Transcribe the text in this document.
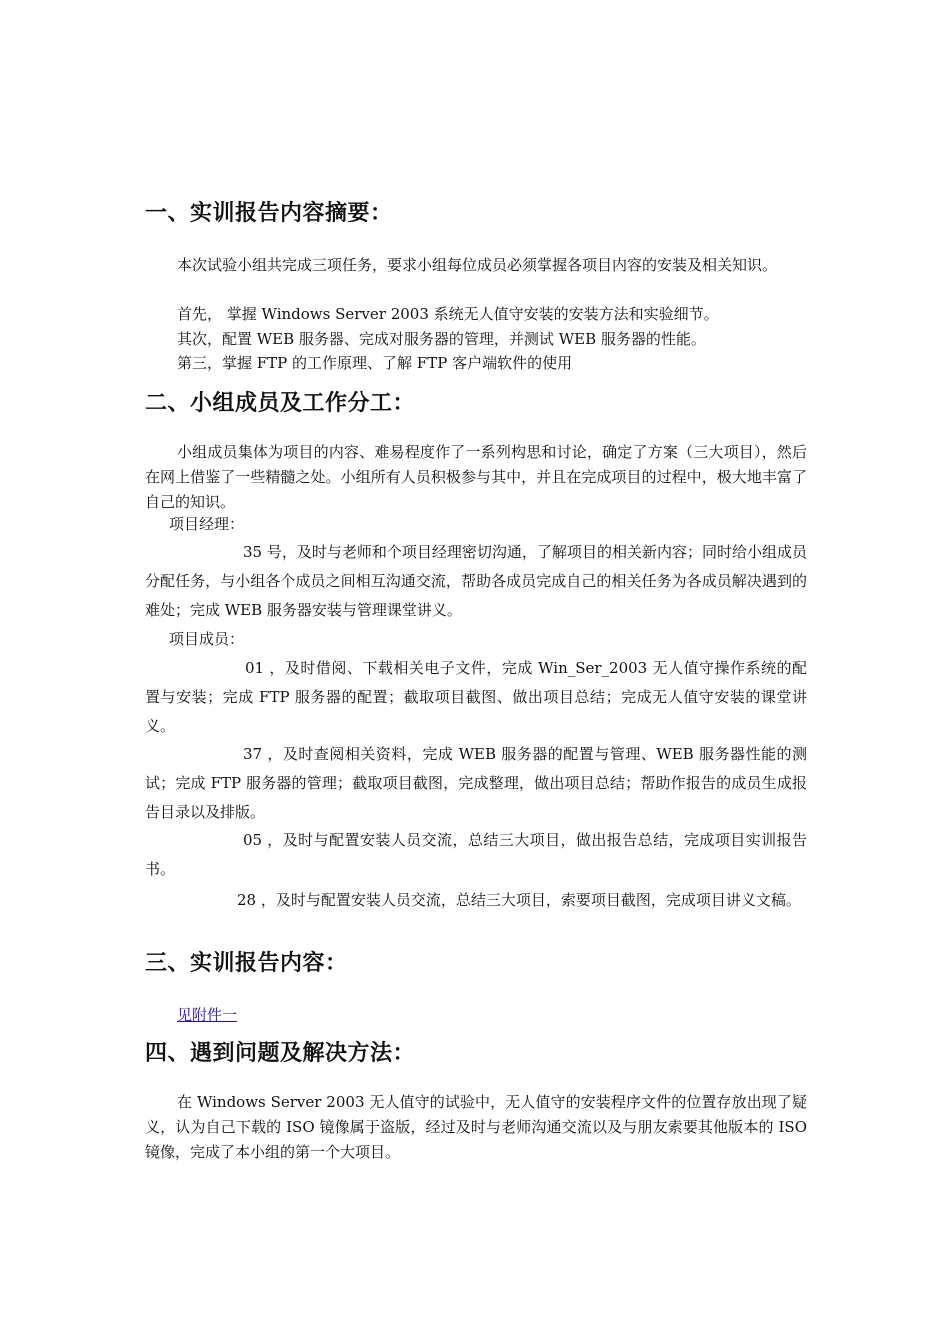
一、实训报告内容摘要：

本次试验小组共完成三项任务，要求小组每位成员必须掌握各项目内容的安装及相关知识。

首先， 掌握 Windows Server 2003 系统无人值守安装的安装方法和实验细节。

其次，配置 WEB 服务器、完成对服务器的管理，并测试 WEB 服务器的性能。

第三，掌握 FTP 的工作原理、了解 FTP 客户端软件的使用

二、小组成员及工作分工：

小组成员集体为项目的内容、难易程度作了一系列构思和讨论，确定了方案（三大项目），然后在网上借鉴了一些精髓之处。小组所有人员积极参与其中，并且在完成项目的过程中，极大地丰富了自己的知识。

项目经理：

35 号，及时与老师和个项目经理密切沟通，了解项目的相关新内容；同时给小组成员分配任务，与小组各个成员之间相互沟通交流，帮助各成员完成自己的相关任务为各成员解决遇到的难处；完成 WEB 服务器安装与管理课堂讲义。

项目成员：

01 ，及时借阅、下载相关电子文件，完成 Win_Ser_2003 无人值守操作系统的配置与安装；完成 FTP 服务器的配置；截取项目截图、做出项目总结；完成无人值守安装的课堂讲义。

37 ，及时查阅相关资料，完成 WEB 服务器的配置与管理、WEB 服务器性能的测试；完成 FTP 服务器的管理；截取项目截图，完成整理，做出项目总结；帮助作报告的成员生成报告目录以及排版。

05 ，及时与配置安装人员交流，总结三大项目，做出报告总结，完成项目实训报告书。

28 ，及时与配置安装人员交流，总结三大项目，索要项目截图，完成项目讲义文稿。

三、实训报告内容：
见附件一
四、遇到问题及解决方法：

在 Windows Server 2003 无人值守的试验中，无人值守的安装程序文件的位置存放出现了疑义，认为自己下载的 ISO 镜像属于盗版，经过及时与老师沟通交流以及与朋友索要其他版本的 ISO 镜像，完成了本小组的第一个大项目。
